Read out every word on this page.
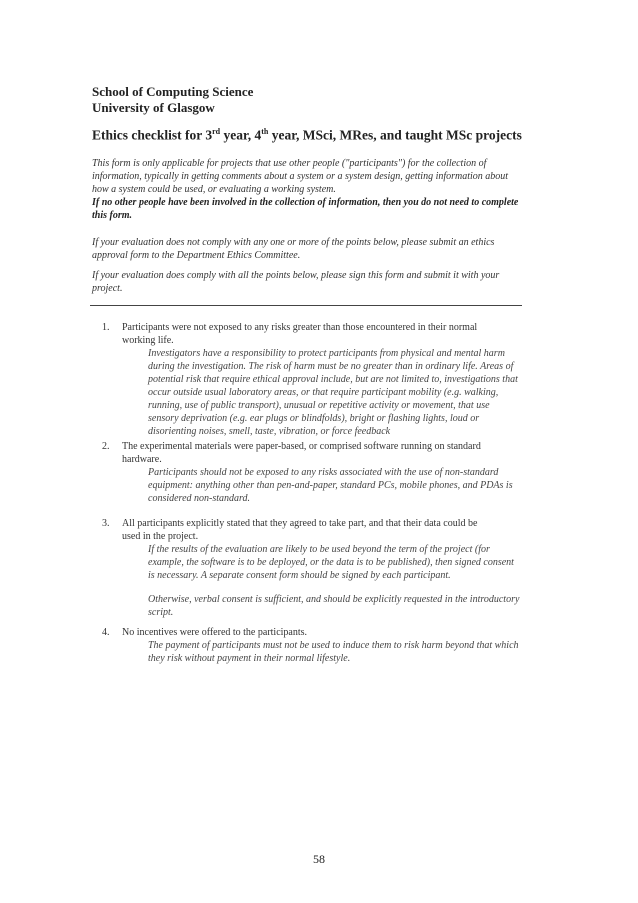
School of Computing Science
University of Glasgow
Ethics checklist for 3rd year, 4th year, MSci, MRes, and taught MSc projects
This form is only applicable for projects that use other people ("participants") for the collection of information, typically in getting comments about a system or a system design, getting information about how a system could be used, or evaluating a working system.
If no other people have been involved in the collection of information, then you do not need to complete this form.
If your evaluation does not comply with any one or more of the points below, please submit an ethics approval form to the Department Ethics Committee.
If your evaluation does comply with all the points below, please sign this form and submit it with your project.
1.	Participants were not exposed to any risks greater than those encountered in their normal working life.
Investigators have a responsibility to protect participants from physical and mental harm during the investigation. The risk of harm must be no greater than in ordinary life. Areas of potential risk that require ethical approval include, but are not limited to, investigations that occur outside usual laboratory areas, or that require participant mobility (e.g. walking, running, use of public transport), unusual or repetitive activity or movement, that use sensory deprivation (e.g. ear plugs or blindfolds), bright or flashing lights, loud or disorienting noises, smell, taste, vibration, or force feedback
2.	The experimental materials were paper-based, or comprised software running on standard hardware.
Participants should not be exposed to any risks associated with the use of non-standard equipment: anything other than pen-and-paper, standard PCs, mobile phones, and PDAs is considered non-standard.
3.	All participants explicitly stated that they agreed to take part, and that their data could be used in the project.
If the results of the evaluation are likely to be used beyond the term of the project (for example, the software is to be deployed, or the data is to be published), then signed consent is necessary. A separate consent form should be signed by each participant.
Otherwise, verbal consent is sufficient, and should be explicitly requested in the introductory script.
4.	No incentives were offered to the participants.
The payment of participants must not be used to induce them to risk harm beyond that which they risk without payment in their normal lifestyle.
58
